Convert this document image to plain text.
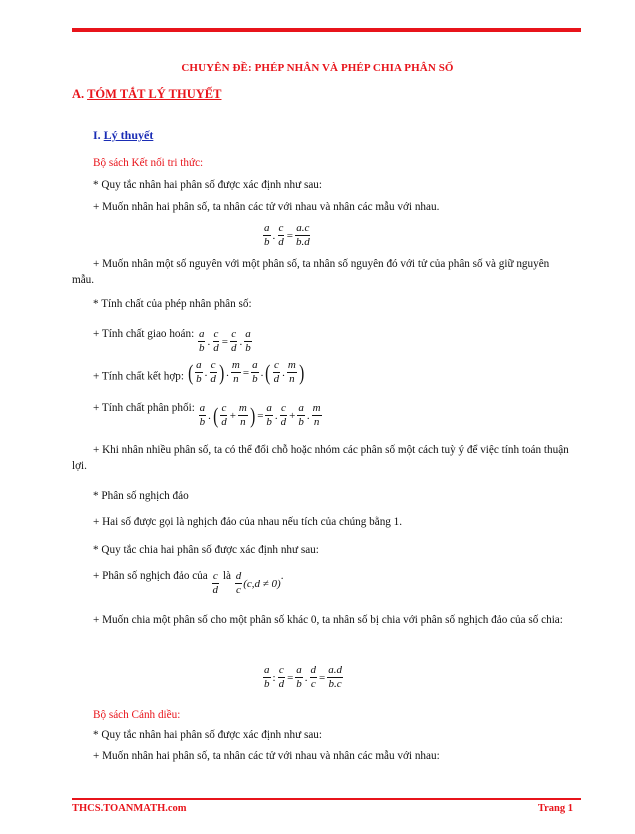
CHUYÊN ĐỀ: PHÉP NHÂN VÀ PHÉP CHIA PHÂN SỐ
A. TÓM TẮT LÝ THUYẾT
I. Lý thuyết
Bộ sách Kết nối tri thức:
* Quy tắc nhân hai phân số được xác định như sau:
+ Muốn nhân hai phân số, ta nhân các tử với nhau và nhân các mẫu với nhau.
$\frac{a}{b}$ . $\frac{c}{d} = \frac{a.c}{b.d}$
+ Muốn nhân một số nguyên với một phân số, ta nhân số nguyên đó với tử của phân số và giữ nguyên mẫu.
* Tính chất của phép nhân phân số:
+ Tính chất giao hoán: $\frac{a}{b}$ . $\frac{c}{d} = \frac{c}{d}$ . $\frac{a}{b}$
+ Tính chất kết hợp: ( $\frac{a}{b}$ . $\frac{c}{d}$ ) . $\frac{m}{n} = \frac{a}{b}$ . ( $\frac{c}{d}$ . $\frac{m}{n}$ )
+ Tính chất phân phối: $\frac{a}{b}$ . ( $\frac{c}{d} + \frac{m}{n}$ ) = $\frac{a}{b}$ . $\frac{c}{d} + \frac{a}{b}$ . $\frac{m}{n}$
+ Khi nhân nhiều phân số, ta có thể đổi chỗ hoặc nhóm các phân số một cách tuỳ ý để việc tính toán thuận lợi.
* Phân số nghịch đảo
+ Hai số được gọi là nghịch đảo của nhau nếu tích của chúng bằng 1.
* Quy tắc chia hai phân số được xác định như sau:
+ Phân số nghịch đảo của $\frac{c}{d}$ là $\frac{d}{c} (c,d \ne 0)$
.
+ Muốn chia một phân số cho một phân số khác 0, ta nhân số bị chia với phân số nghịch đảo của số chia:
$\frac{a}{b}$ : $\frac{c}{d} = \frac{a}{b}$ . $\frac{d}{c} = \frac{a.d}{b.c}$
Bộ sách Cánh diều:
* Quy tắc nhân hai phân số được xác định như sau:
+ Muốn nhân hai phân số, ta nhân các tử với nhau và nhân các mẫu với nhau:
THCS.TOANMATH.com	Trang 1
